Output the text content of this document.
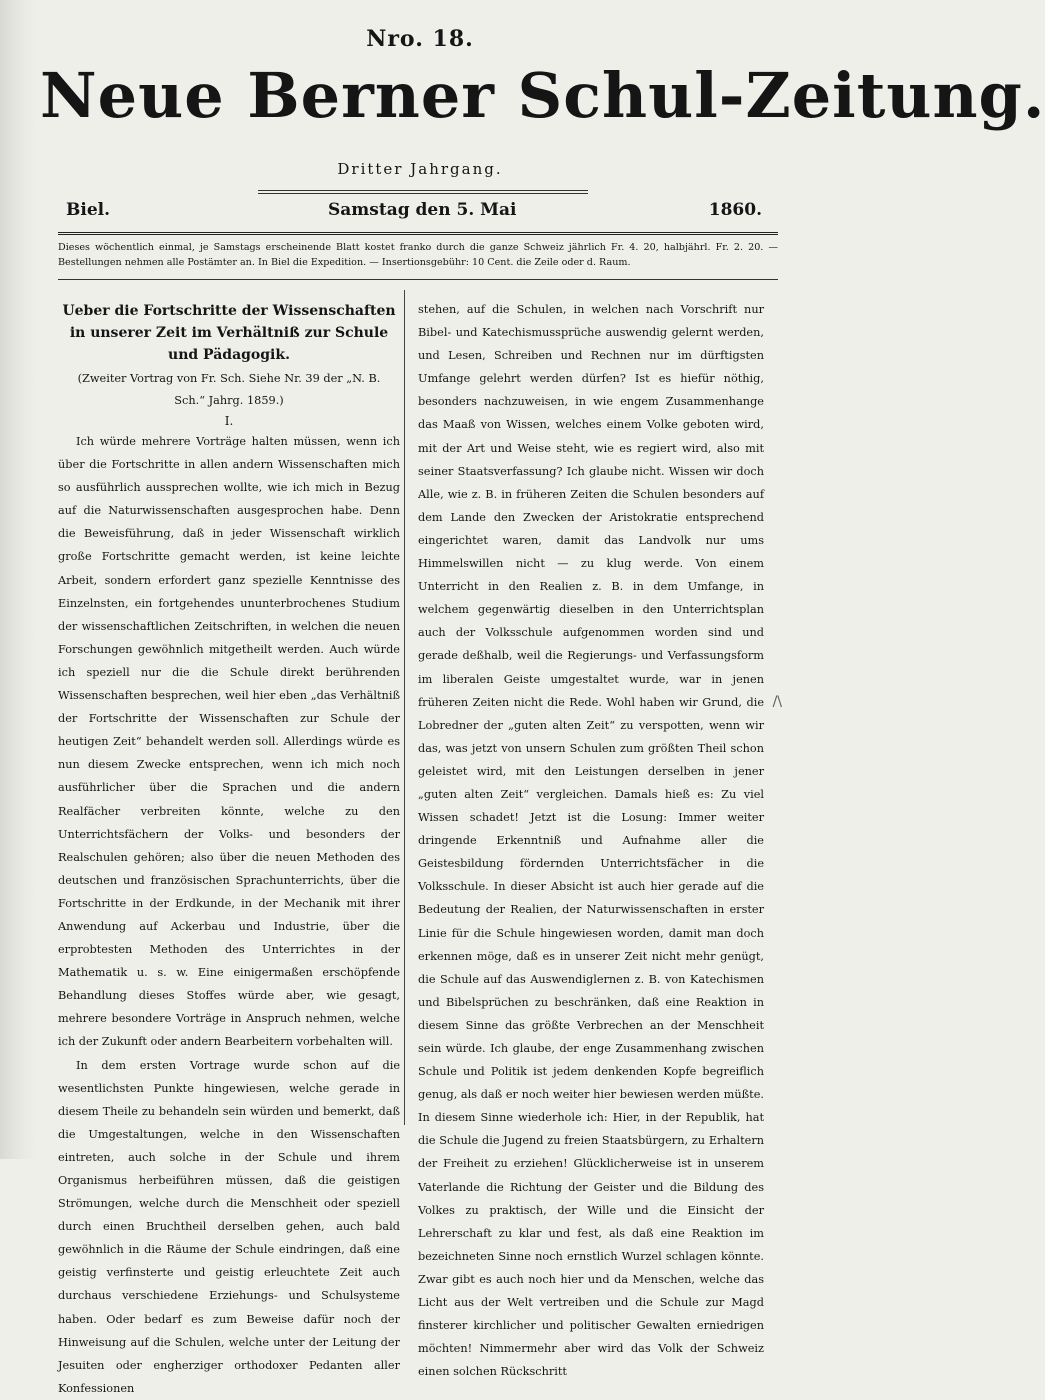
Nro. 18.
Neue Berner Schul-Zeitung.
Dritter Jahrgang.
Biel.	Samstag den 5. Mai	1860.
Dieses wöchentlich einmal, je Samstags erscheinende Blatt kostet franko durch die ganze Schweiz jährlich Fr. 4. 20, halbjährl. Fr. 2. 20. — Bestellungen nehmen alle Postämter an. In Biel die Expedition. — Insertionsgebühr: 10 Cent. die Zeile oder d. Raum.
Ueber die Fortschritte der Wissenschaften in unserer Zeit im Verhältniß zur Schule und Pädagogik.
(Zweiter Vortrag von Fr. Sch. Siehe Nr. 39 der „N. B. Sch.“ Jahrg. 1859.)
I.

Ich würde mehrere Vorträge halten müssen, wenn ich über die Fortschritte in allen andern Wissenschaften mich so ausführlich aussprechen wollte, wie ich mich in Bezug auf die Naturwissenschaften ausgesprochen habe. Denn die Beweisführung, daß in jeder Wissenschaft wirklich große Fortschritte gemacht werden, ist keine leichte Arbeit, sondern erfordert ganz spezielle Kenntnisse des Einzelnsten, ein fortgehendes ununterbrochenes Studium der wissenschaftlichen Zeitschriften, in welchen die neuen Forschungen gewöhnlich mitgetheilt werden. Auch würde ich speziell nur die die Schule direkt berührenden Wissenschaften besprechen, weil hier eben „das Verhältniß der Fortschritte der Wissenschaften zur Schule der heutigen Zeit“ behandelt werden soll. Allerdings würde es nun diesem Zwecke entsprechen, wenn ich mich noch ausführlicher über die Sprachen und die andern Realfächer verbreiten könnte, welche zu den Unterrichtsfächern der Volks- und besonders der Realschulen gehören; also über die neuen Methoden des deutschen und französischen Sprachunterrichts, über die Fortschritte in der Erdkunde, in der Mechanik mit ihrer Anwendung auf Ackerbau und Industrie, über die erprobtesten Methoden des Unterrichtes in der Mathematik u. s. w. Eine einigermaßen erschöpfende Behandlung dieses Stoffes würde aber, wie gesagt, mehrere besondere Vorträge in Anspruch nehmen, welche ich der Zukunft oder andern Bearbeitern vorbehalten will.

In dem ersten Vortrage wurde schon auf die wesentlichsten Punkte hingewiesen, welche gerade in diesem Theile zu behandeln sein würden und bemerkt, daß die Umgestaltungen, welche in den Wissenschaften eintreten, auch solche in der Schule und ihrem Organismus herbeiführen müssen, daß die geistigen Strömungen, welche durch die Menschheit oder speziell durch einen Bruchtheil derselben gehen, auch bald gewöhnlich in die Räume der Schule eindringen, daß eine geistig verfinsterte und geistig erleuchtete Zeit auch durchaus verschiedene Erziehungs- und Schulsysteme haben. Oder bedarf es zum Beweise dafür noch der Hinweisung auf die Schulen, welche unter der Leitung der Jesuiten oder engherziger orthodoxer Pedanten aller Konfessionen

stehen, auf die Schulen, in welchen nach Vorschrift nur Bibel- und Katechismussprüche auswendig gelernt werden, und Lesen, Schreiben und Rechnen nur im dürftigsten Umfange gelehrt werden dürfen? Ist es hiefür nöthig, besonders nachzuweisen, in wie engem Zusammenhange das Maaß von Wissen, welches einem Volke geboten wird, mit der Art und Weise steht, wie es regiert wird, also mit seiner Staatsverfassung? Ich glaube nicht. Wissen wir doch Alle, wie z. B. in früheren Zeiten die Schulen besonders auf dem Lande den Zwecken der Aristokratie entsprechend eingerichtet waren, damit das Landvolk nur ums Himmelswillen nicht — zu klug werde. Von einem Unterricht in den Realien z. B. in dem Umfange, in welchem gegenwärtig dieselben in den Unterrichtsplan auch der Volksschule aufgenommen worden sind und gerade deßhalb, weil die Regierungs- und Verfassungsform im liberalen Geiste umgestaltet wurde, war in jenen früheren Zeiten nicht die Rede. Wohl haben wir Grund, die Lobredner der „guten alten Zeit“ zu verspotten, wenn wir das, was jetzt von unsern Schulen zum größten Theil schon geleistet wird, mit den Leistungen derselben in jener „guten alten Zeit“ vergleichen. Damals hieß es: Zu viel Wissen schadet! Jetzt ist die Losung: Immer weiter dringende Erkenntniß und Aufnahme aller die Geistesbildung fördernden Unterrichtsfächer in die Volksschule. In dieser Absicht ist auch hier gerade auf die Bedeutung der Realien, der Naturwissenschaften in erster Linie für die Schule hingewiesen worden, damit man doch erkennen möge, daß es in unserer Zeit nicht mehr genügt, die Schule auf das Auswendiglernen z. B. von Katechismen und Bibelsprüchen zu beschränken, daß eine Reaktion in diesem Sinne das größte Verbrechen an der Menschheit sein würde. Ich glaube, der enge Zusammenhang zwischen Schule und Politik ist jedem denkenden Kopfe begreiflich genug, als daß er noch weiter hier bewiesen werden müßte. In diesem Sinne wiederhole ich: Hier, in der Republik, hat die Schule die Jugend zu freien Staatsbürgern, zu Erhaltern der Freiheit zu erziehen! Glücklicherweise ist in unserem Vaterlande die Richtung der Geister und die Bildung des Volkes zu praktisch, der Wille und die Einsicht der Lehrerschaft zu klar und fest, als daß eine Reaktion im bezeichneten Sinne noch ernstlich Wurzel schlagen könnte. Zwar gibt es auch noch hier und da Menschen, welche das Licht aus der Welt vertreiben und die Schule zur Magd finsterer kirchlicher und politischer Gewalten erniedrigen möchten! Nimmermehr aber wird das Volk der Schweiz einen solchen Rückschritt

/\
